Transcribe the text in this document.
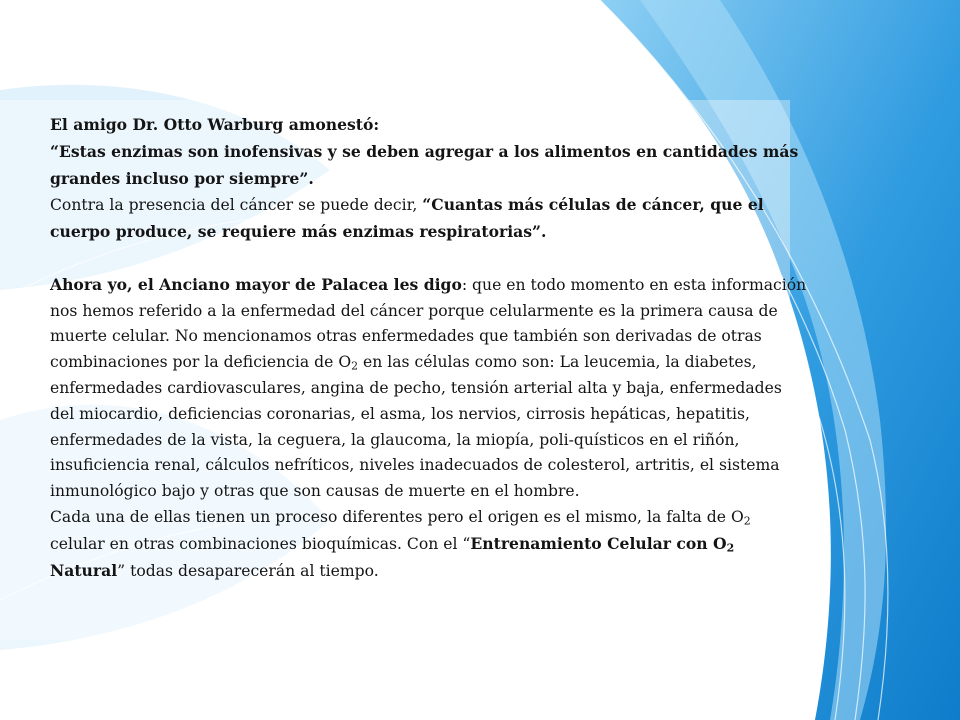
El amigo Dr. Otto Warburg amonestó:
“Estas enzimas son inofensivas y se deben agregar a los alimentos en cantidades más grandes incluso por siempre”.

Contra la presencia del cáncer se puede decir, “Cuantas más células de cáncer, que el cuerpo produce, se requiere más enzimas respiratorias”.

Ahora yo, el Anciano mayor de Palacea les digo: que en todo momento en esta información nos hemos referido a la enfermedad del cáncer porque celularmente es la primera causa de muerte celular. No mencionamos otras enfermedades que también son derivadas de otras combinaciones por la deficiencia de $O_2$ en las células como son: La leucemia, la diabetes, enfermedades cardiovasculares, angina de pecho, tensión arterial alta y baja, enfermedades del miocardio, deficiencias coronarias, el asma, los nervios, cirrosis hepáticas, hepatitis, enfermedades de la vista, la ceguera, la glaucoma, la miopía, poli-quísticos en el riñón, insuficiencia renal, cálculos nefríticos, niveles inadecuados de colesterol, artritis, el sistema inmunológico bajo y otras que son causas de muerte en el hombre.

Cada una de ellas tienen un proceso diferentes pero el origen es el mismo, la falta de $O_2$ celular en otras combinaciones bioquímicas. Con el “Entrenamiento Celular con $O_2$ Natural” todas desaparecerán al tiempo.
